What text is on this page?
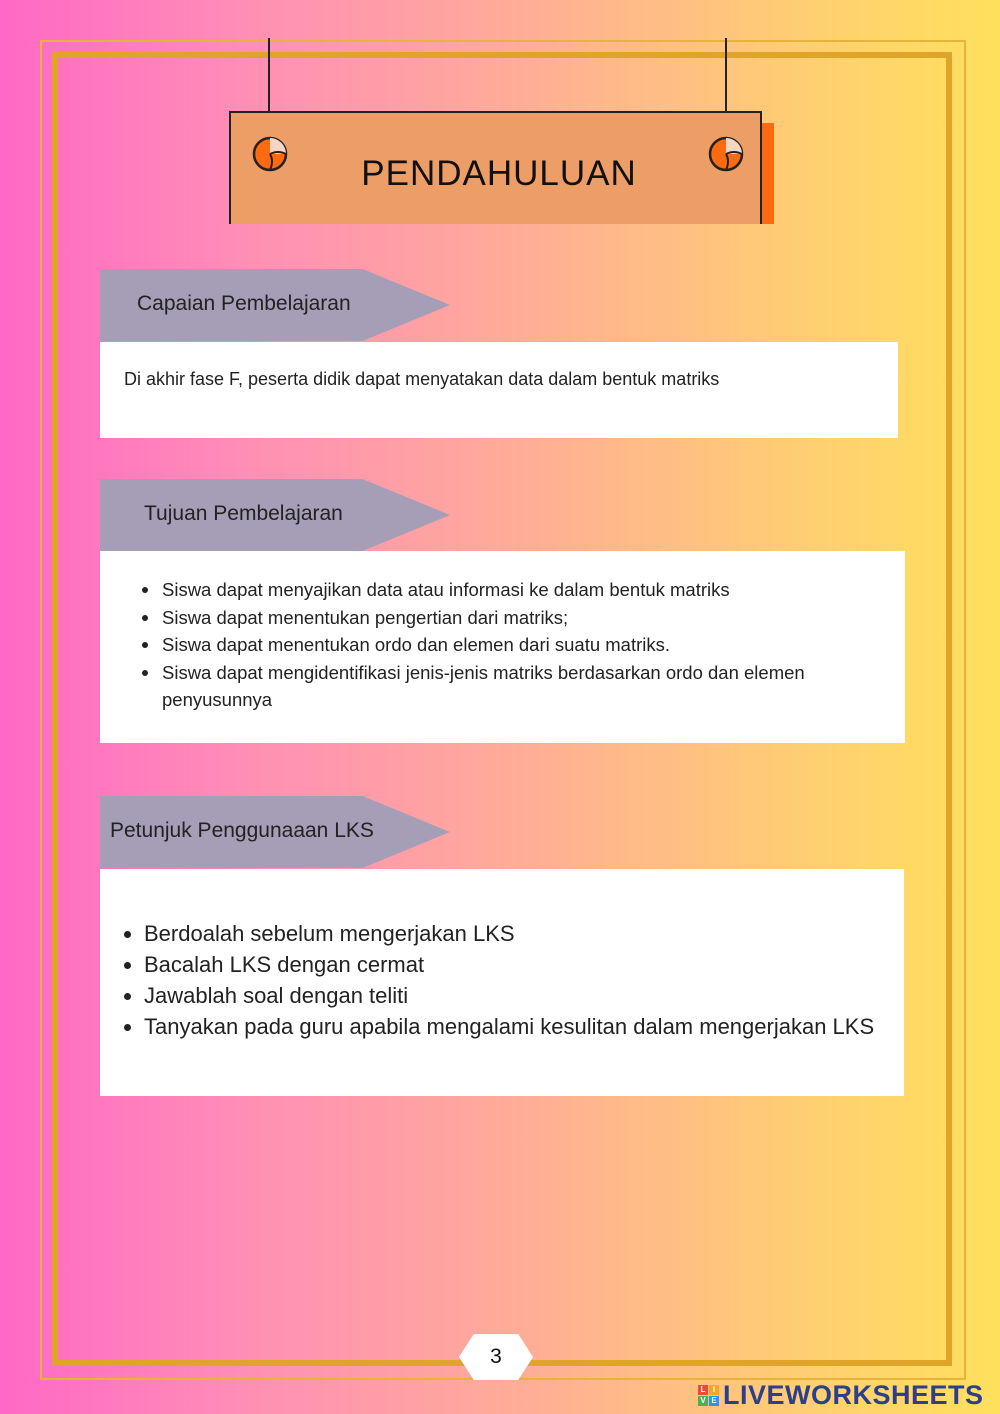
PENDAHULUAN
Capaian Pembelajaran
Di akhir fase F, peserta didik dapat menyatakan data dalam bentuk matriks
Tujuan Pembelajaran
Siswa dapat menyajikan data atau informasi ke dalam bentuk matriks
Siswa dapat menentukan pengertian dari matriks;
Siswa dapat menentukan ordo dan elemen dari suatu matriks.
Siswa dapat mengidentifikasi jenis-jenis matriks berdasarkan ordo dan elemen penyusunnya
Petunjuk Penggunaaan LKS
Berdoalah sebelum mengerjakan LKS
Bacalah LKS dengan cermat
Jawablah soal dengan teliti
Tanyakan pada guru apabila mengalami kesulitan dalam mengerjakan LKS
3
L I
V E LIVEWORKSHEETS
